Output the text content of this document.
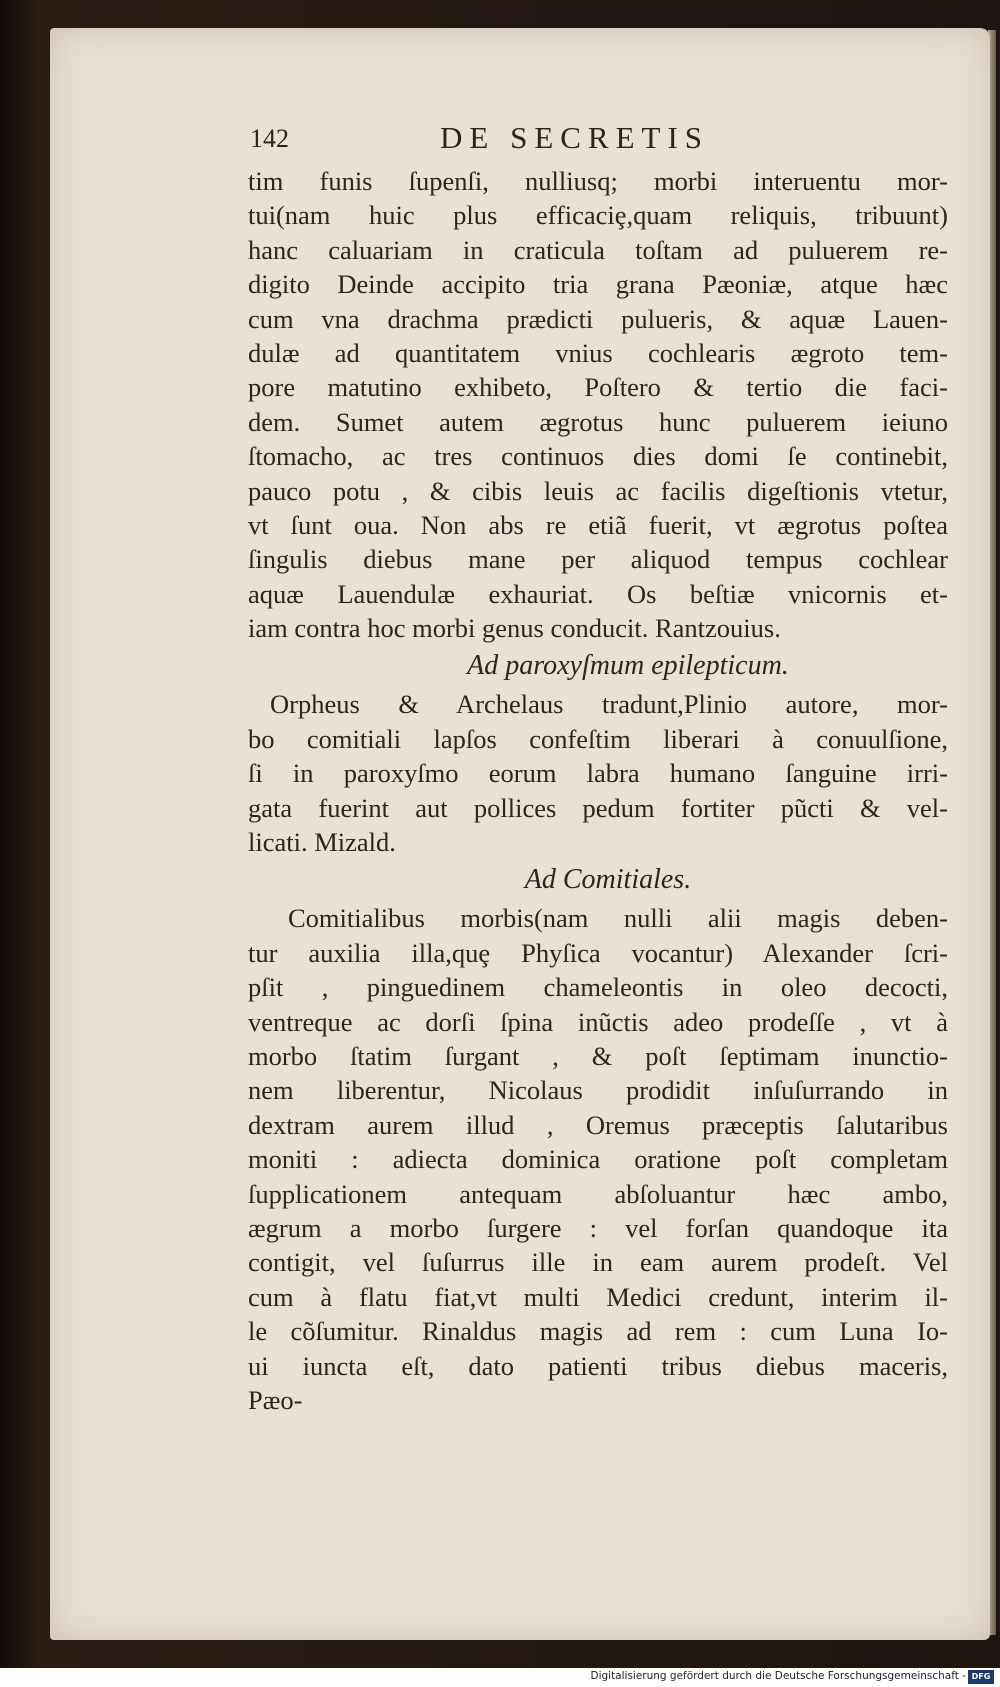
142	DE SECRETIS
tim funis ſupenſi, nulliusq; morbi interuentu mor-
tui(nam huic plus efficaciȩ,quam reliquis, tribuunt)
hanc caluariam in craticula toſtam ad puluerem re-
digito Deinde accipito tria grana Pæoniæ, atque hæc
cum vna drachma prædicti pulueris, & aquæ Lauen-
dulæ ad quantitatem vnius cochlearis ægroto tem-
pore matutino exhibeto, Poſtero & tertio die faci-
dem. Sumet autem ægrotus hunc puluerem ieiuno
ſtomacho, ac tres continuos dies domi ſe continebit,
pauco potu , & cibis leuis ac facilis digeſtionis vtetur,
vt ſunt oua. Non abs re etiã fuerit, vt ægrotus poſtea
ſingulis diebus mane per aliquod tempus cochlear
aquæ Lauendulæ exhauriat. Os beſtiæ vnicornis et-
iam contra hoc morbi genus conducit. Rantzouius.
Ad paroxyſmum epilepticum.
Orpheus & Archelaus tradunt,Plinio autore, mor-
bo comitiali lapſos confeſtim liberari à conuulſione,
ſi in paroxyſmo eorum labra humano ſanguine irri-
gata fuerint aut pollices pedum fortiter pũcti & vel-
licati. Mizald.
Ad Comitiales.
Comitialibus morbis(nam nulli alii magis deben-
tur auxilia illa,quȩ Phyſica vocantur) Alexander ſcri-
pſit , pinguedinem chameleontis in oleo decocti,
ventreque ac dorſi ſpina inũctis adeo prodeſſe , vt à
morbo ſtatim ſurgant , & poſt ſeptimam inunctio-
nem liberentur, Nicolaus prodidit inſuſurrando in
dextram aurem illud , Oremus præceptis ſalutaribus
moniti : adiecta dominica oratione poſt completam
ſupplicationem antequam abſoluantur hæc ambo,
ægrum a morbo ſurgere : vel forſan quandoque ita
contigit, vel ſuſurrus ille in eam aurem prodeſt. Vel
cum à flatu fiat,vt multi Medici credunt, interim il-
le cõſumitur. Rinaldus magis ad rem : cum Luna Io-
ui iuncta eſt, dato patienti tribus diebus maceris,
Pæo-
Digitalisierung gefördert durch die Deutsche Forschungsgemeinschaft - DFG
